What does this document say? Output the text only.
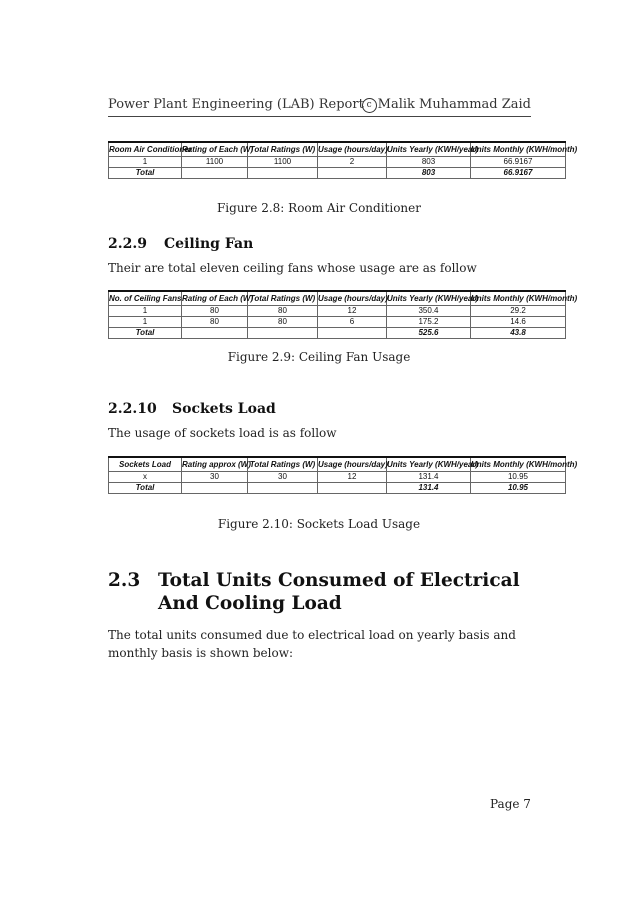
Power Plant Engineering (LAB) Report c Malik Muhammad Zaid
Room Air Conditioner	Rating of Each (W)	Total Ratings (W)	Usage (hours/day)	Units Yearly (KWH/year)	Units Monthly (KWH/month)
1	1100	1100	2	803	66.9167
Total				803	66.9167
Figure 2.8: Room Air Conditioner
2.2.9 Ceiling Fan
Their are total eleven ceiling fans whose usage are as follow
No. of Ceiling Fans	Rating of Each (W)	Total Ratings (W)	Usage (hours/day)	Units Yearly (KWH/year)	Units Monthly (KWH/month)
1	80	80	12	350.4	29.2
1	80	80	6	175.2	14.6
Total				525.6	43.8
Figure 2.9: Ceiling Fan Usage
2.2.10 Sockets Load
The usage of sockets load is as follow
Sockets Load	Rating approx (W)	Total Ratings (W)	Usage (hours/day)	Units Yearly (KWH/year)	Units Monthly (KWH/month)
x	30	30	12	131.4	10.95
Total				131.4	10.95
Figure 2.10: Sockets Load Usage
2.3 Total Units Consumed of Electrical And Cooling Load
The total units consumed due to electrical load on yearly basis and monthly basis is shown below:
Page 7
